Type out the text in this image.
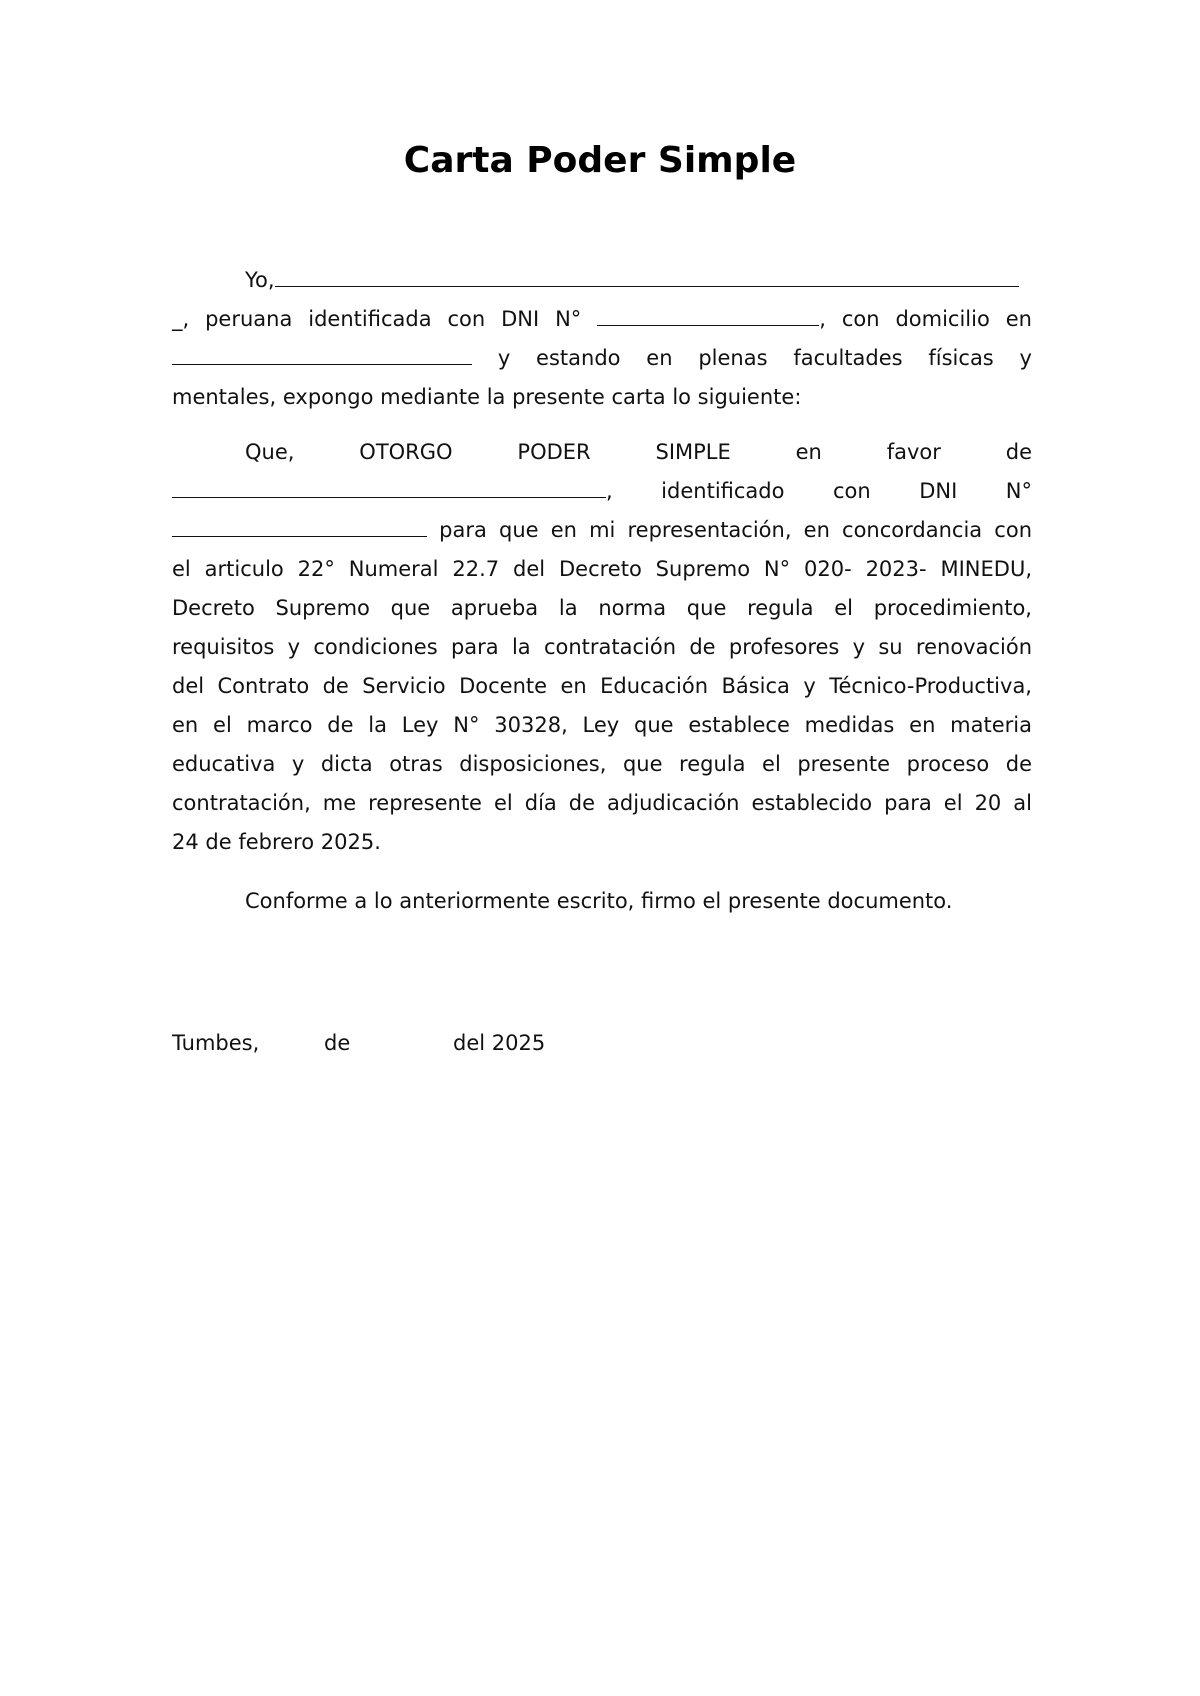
Carta Poder Simple
Yo,
_, peruana identificada con DNI N°	, con domicilio en
y estando en plenas facultades físicas y
mentales, expongo mediante la presente carta lo siguiente:
Que, OTORGO PODER SIMPLE en favor de
, identificado con DNI N°
para que en mi representación, en concordancia con
el articulo 22° Numeral 22.7 del Decreto Supremo N° 020- 2023- MINEDU,
Decreto Supremo que aprueba la norma que regula el procedimiento,
requisitos y condiciones para la contratación de profesores y su renovación
del Contrato de Servicio Docente en Educación Básica y Técnico-Productiva,
en el marco de la Ley N° 30328, Ley que establece medidas en materia
educativa y dicta otras disposiciones, que regula el presente proceso de
contratación, me represente el día de adjudicación establecido para el 20 al
24 de febrero 2025.

Conforme a lo anteriormente escrito, firmo el presente documento.

Tumbes,	de	del 2025
